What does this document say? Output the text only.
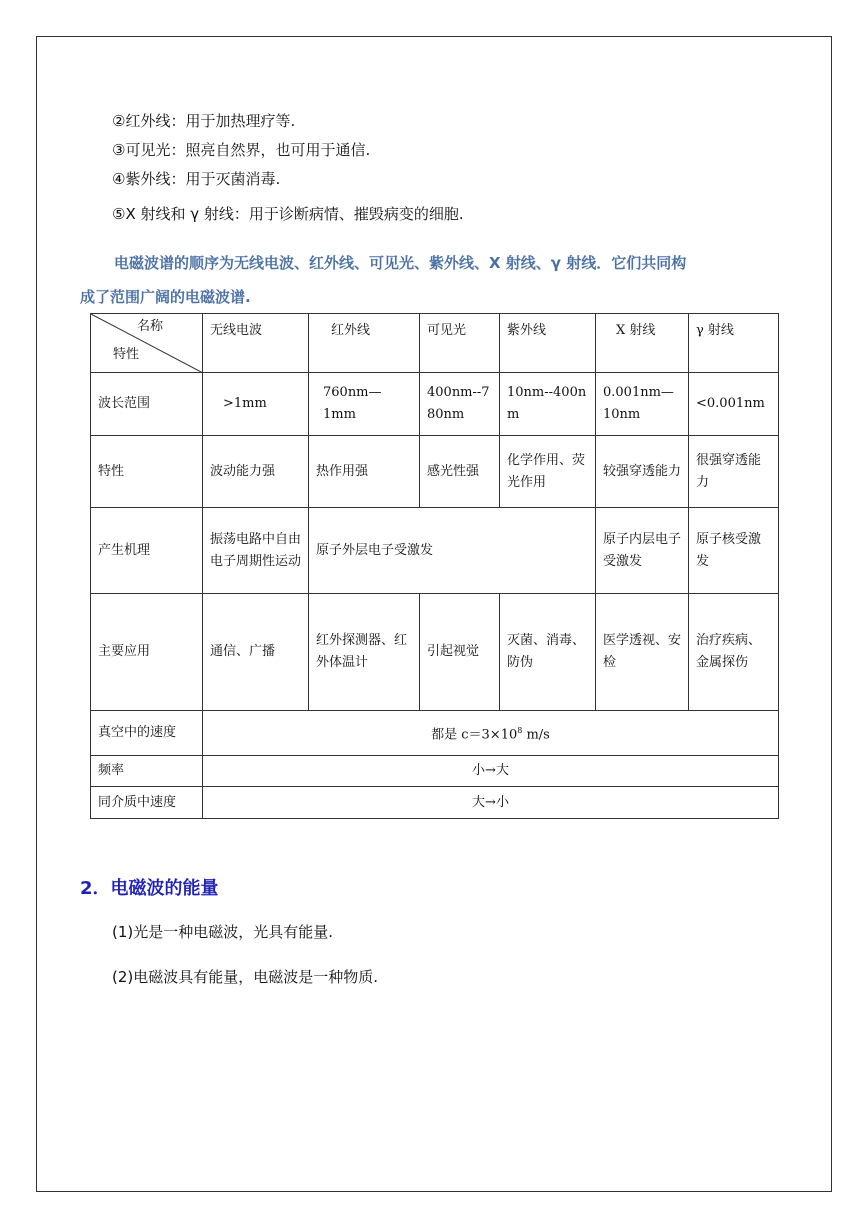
②红外线：用于加热理疗等.
③可见光：照亮自然界，也可用于通信.
④紫外线：用于灭菌消毒.
⑤X 射线和 γ 射线：用于诊断病情、摧毁病变的细胞.
电磁波谱的顺序为无线电波、红外线、可见光、紫外线、X 射线、γ 射线．它们共同构
成了范围广阔的电磁波谱.
名称
特性	无线电波	红外线	可见光	紫外线	X 射线	γ 射线
波长范围	>1mm	760nm—1mm	400nm--780nm	10nm--400nm	0.001nm—10nm	<0.001nm
特性	波动能力强	热作用强	感光性强	化学作用、荧光作用	较强穿透能力	很强穿透能力
产生机理	振荡电路中自由电子周期性运动	原子外层电子受激发			原子内层电子受激发	原子核受激发
主要应用	通信、广播	红外探测器、红外体温计	引起视觉	灭菌、消毒、防伪	医学透视、安检	治疗疾病、金属探伤
真空中的速度	都是 $c=3\times 10^8$ m/s					
频率	小→大					
同介质中速度	大→小					
2．电磁波的能量
(1)光是一种电磁波，光具有能量.
(2)电磁波具有能量，电磁波是一种物质.
